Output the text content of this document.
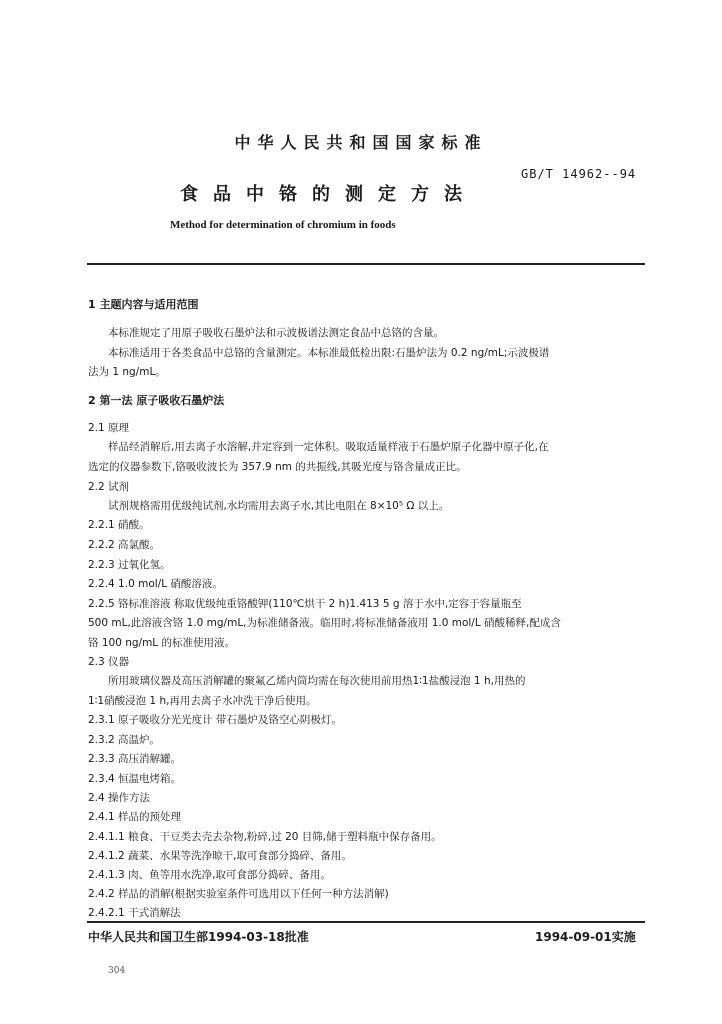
中华人民共和国国家标准
GB/T 14962--94
食品中铬的测定方法
Method for determination of chromium in foods
1 主题内容与适用范围
本标准规定了用原子吸收石墨炉法和示波极谱法测定食品中总铬的含量。
本标准适用于各类食品中总铬的含量测定。本标准最低检出限:石墨炉法为 0.2 ng/mL;示波极谱
法为 1 ng/mL。
2 第一法 原子吸收石墨炉法
2.1 原理
样品经消解后,用去离子水溶解,并定容到一定体积。吸取适量样液于石墨炉原子化器中原子化,在
选定的仪器参数下,铬吸收波长为 357.9 nm 的共振线,其吸光度与铬含量成正比。
2.2 试剂
试剂规格需用优级纯试剂,水均需用去离子水,其比电阻在 8×10⁵ Ω 以上。
2.2.1 硝酸。
2.2.2 高氯酸。
2.2.3 过氧化氢。
2.2.4 1.0 mol/L 硝酸溶液。
2.2.5 铬标准溶液 称取优级纯重铬酸钾(110℃烘干 2 h)1.413 5 g 溶于水中,定容于容量瓶至
500 mL,此溶液含铬 1.0 mg/mL,为标准储备液。临用时,将标准储备液用 1.0 mol/L 硝酸稀释,配成含
铬 100 ng/mL 的标准使用液。
2.3 仪器
所用玻璃仪器及高压消解罐的聚氟乙烯内筒均需在每次使用前用热1∶1盐酸浸泡 1 h,用热的
1∶1硝酸浸泡 1 h,再用去离子水冲洗干净后使用。
2.3.1 原子吸收分光光度计 带石墨炉及铬空心阴极灯。
2.3.2 高温炉。
2.3.3 高压消解罐。
2.3.4 恒温电烤箱。
2.4 操作方法
2.4.1 样品的预处理
2.4.1.1 粮食、干豆类去壳去杂物,粉碎,过 20 目筛,储于塑料瓶中保存备用。
2.4.1.2 蔬菜、水果等洗净晾干,取可食部分捣碎、备用。
2.4.1.3 肉、鱼等用水洗净,取可食部分捣碎、备用。
2.4.2 样品的消解(根据实验室条件可选用以下任何一种方法消解)
2.4.2.1 干式消解法
中华人民共和国卫生部1994-03-18批准	1994-09-01实施
304
